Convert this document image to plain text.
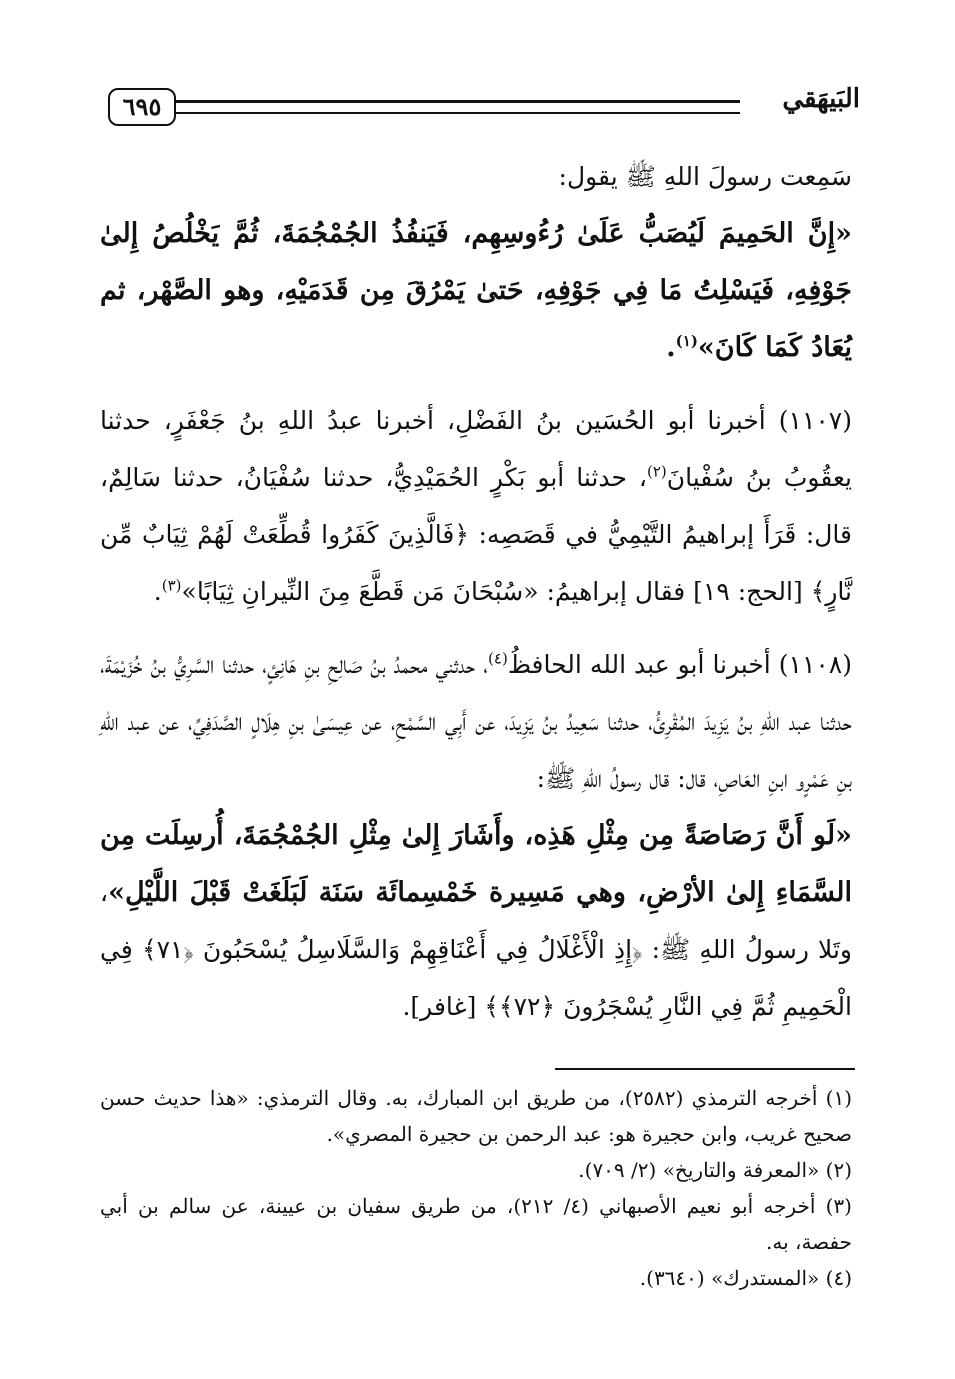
٦٩٥	البَيهَقي

سَمِعت رسولَ اللهِ ﷺ يقول:

«إِنَّ الحَمِيمَ لَيُصَبُّ عَلَىٰ رُءُوسِهِم، فَيَنفُذُ الجُمْجُمَةَ، ثُمَّ يَخْلُصُ إِلىٰ جَوْفِهِ، فَيَسْلِتُ مَا فِي جَوْفِهِ، حَتىٰ يَمْرُقَ مِن قَدَمَيْهِ، وهو الصَّهْر، ثم يُعَادُ كَمَا كَانَ»$^{(١)}$.

(١١٠٧) أخبرنا أبو الحُسَين بنُ الفَضْلِ، أخبرنا عبدُ اللهِ بنُ جَعْفَرٍ، حدثنا يعقُوبُ بنُ سُفْيانَ$^{(٢)}$، حدثنا أبو بَكْرٍ الحُمَيْدِيُّ، حدثنا سُفْيَانُ، حدثنا سَالِمٌ، قال: قَرَأَ إبراهيمُ التَّيْمِيُّ في قَصَصِه: ﴿فَالَّذِينَ كَفَرُوا قُطِّعَتْ لَهُمْ ثِيَابٌ مِّن نَّارٍ﴾ [الحج: ١٩] فقال إبراهيمُ: «سُبْحَانَ مَن قَطَّعَ مِنَ النِّيرانِ ثِيَابًا»$^{(٣)}$.

(١١٠٨) أخبرنا أبو عبد الله الحافظُ$^{(٤)}$، حدثني محمدُ بنُ صَالِحِ بنِ هَانِئٍ، حدثنا السَّرِيُّ بنُ خُزَيْمَةَ، حدثنا عبد اللهِ بنُ يَزِيدَ المُقْرِئُ، حدثنا سَعِيدُ بنُ يَزِيدَ، عن أَبِي السَّمْحِ، عن عِيسَىٰ بنِ هِلَالٍ الصَّدَفِيِّ، عن عبد اللهِ بنِ عَمْرٍو ابنِ العَاصِ، قال: قال رسولُ اللهِ ﷺ:

«لَو أَنَّ رَصَاصَةً مِن مِثْلِ هَذِه، وأَشَارَ إِلىٰ مِثْلِ الجُمْجُمَةَ، أُرسِلَت مِن السَّمَاءِ إِلىٰ الأرْضِ، وهي مَسِيرة خَمْسِمائَة سَنَة لَبَلَغَتْ قَبْلَ اللَّيْلِ»، وتَلا رسولُ اللهِ ﷺ: ﴿إِذِ الْأَغْلَالُ فِي أَعْنَاقِهِمْ وَالسَّلَاسِلُ يُسْحَبُونَ ﴿٧١﴾ فِي الْحَمِيمِ ثُمَّ فِي النَّارِ يُسْجَرُونَ ﴿٧٢﴾﴾ [غافر].

(١) أخرجه الترمذي (٢٥٨٢)، من طريق ابن المبارك، به. وقال الترمذي: «هذا حديث حسن صحيح غريب، وابن حجيرة هو: عبد الرحمن بن حجيرة المصري».

(٢) «المعرفة والتاريخ» (٢/ ٧٠٩).

(٣) أخرجه أبو نعيم الأصبهاني (٤/ ٢١٢)، من طريق سفيان بن عيينة، عن سالم بن أبي حفصة، به.

(٤) «المستدرك» (٣٦٤٠).
